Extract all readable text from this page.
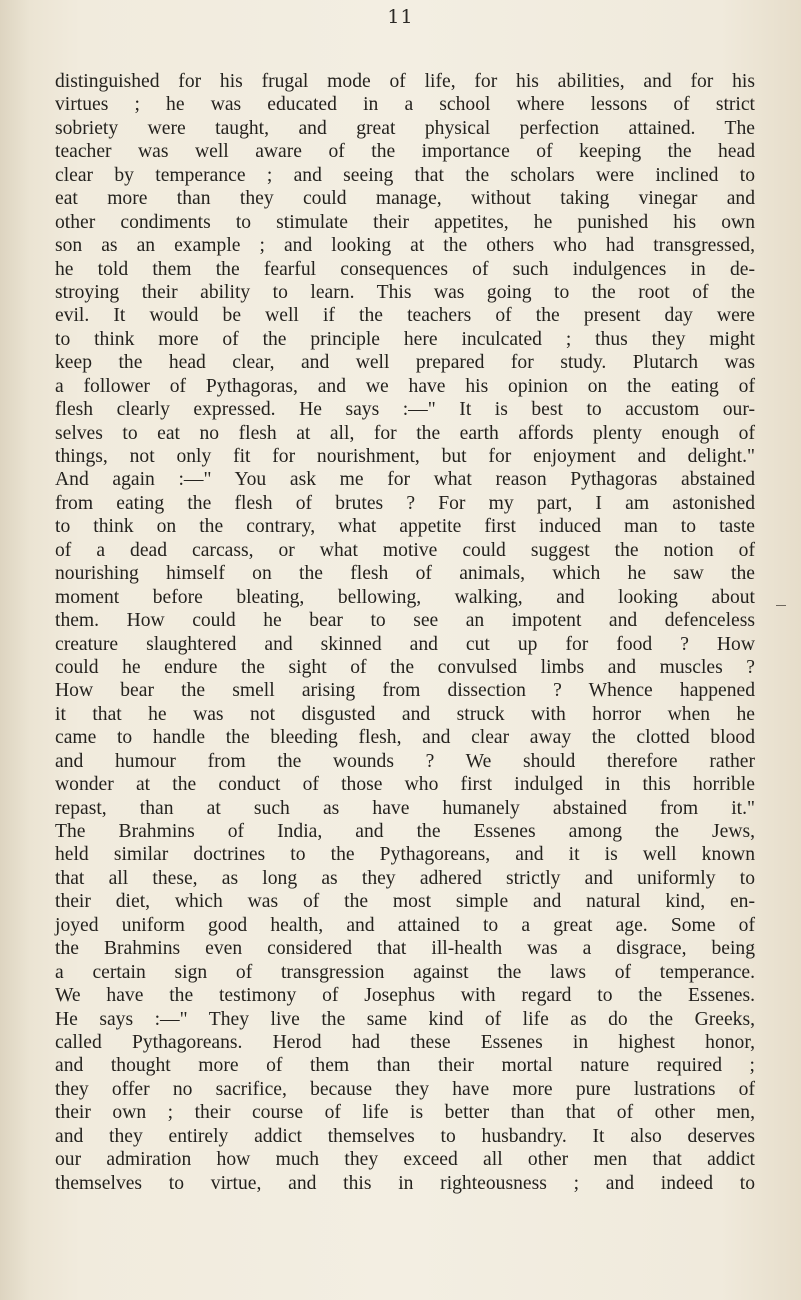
11
distinguished for his frugal mode of life, for his abilities, and for his
virtues ; he was educated in a school where lessons of strict
sobriety were taught, and great physical perfection attained. The
teacher was well aware of the importance of keeping the head
clear by temperance ; and seeing that the scholars were inclined to
eat more than they could manage, without taking vinegar and
other condiments to stimulate their appetites, he punished his own
son as an example ; and looking at the others who had transgressed,
he told them the fearful consequences of such indulgences in de-
stroying their ability to learn. This was going to the root of the
evil. It would be well if the teachers of the present day were
to think more of the principle here inculcated ; thus they might
keep the head clear, and well prepared for study. Plutarch was
a follower of Pythagoras, and we have his opinion on the eating of
flesh clearly expressed. He says :—" It is best to accustom our-
selves to eat no flesh at all, for the earth affords plenty enough of
things, not only fit for nourishment, but for enjoyment and delight."
And again :—" You ask me for what reason Pythagoras abstained
from eating the flesh of brutes ? For my part, I am astonished
to think on the contrary, what appetite first induced man to taste
of a dead carcass, or what motive could suggest the notion of
nourishing himself on the flesh of animals, which he saw the
moment before bleating, bellowing, walking, and looking about
them. How could he bear to see an impotent and defenceless
creature slaughtered and skinned and cut up for food ? How
could he endure the sight of the convulsed limbs and muscles ?
How bear the smell arising from dissection ? Whence happened
it that he was not disgusted and struck with horror when he
came to handle the bleeding flesh, and clear away the clotted blood
and humour from the wounds ? We should therefore rather
wonder at the conduct of those who first indulged in this horrible
repast, than at such as have humanely abstained from it."
The Brahmins of India, and the Essenes among the Jews,
held similar doctrines to the Pythagoreans, and it is well known
that all these, as long as they adhered strictly and uniformly to
their diet, which was of the most simple and natural kind, en-
joyed uniform good health, and attained to a great age. Some of
the Brahmins even considered that ill-health was a disgrace, being
a certain sign of transgression against the laws of temperance.
We have the testimony of Josephus with regard to the Essenes.
He says :—" They live the same kind of life as do the Greeks,
called Pythagoreans. Herod had these Essenes in highest honor,
and thought more of them than their mortal nature required ;
they offer no sacrifice, because they have more pure lustrations of
their own ; their course of life is better than that of other men,
and they entirely addict themselves to husbandry. It also deserves
our admiration how much they exceed all other men that addict
themselves to virtue, and this in righteousness ; and indeed to
